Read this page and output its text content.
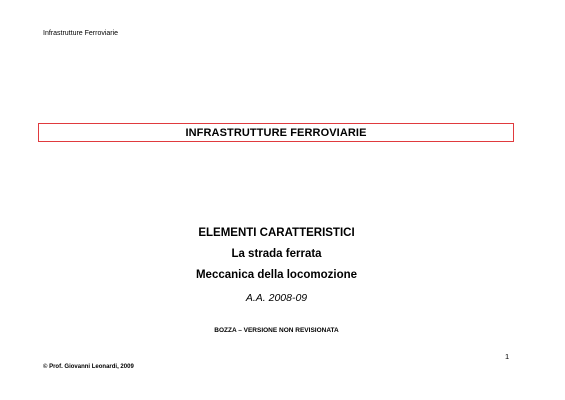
Infrastrutture Ferroviarie
INFRASTRUTTURE FERROVIARIE
ELEMENTI CARATTERISTICI
La strada ferrata
Meccanica della locomozione
A.A. 2008-09
BOZZA – VERSIONE NON REVISIONATA
1
© Prof. Giovanni Leonardi, 2009
